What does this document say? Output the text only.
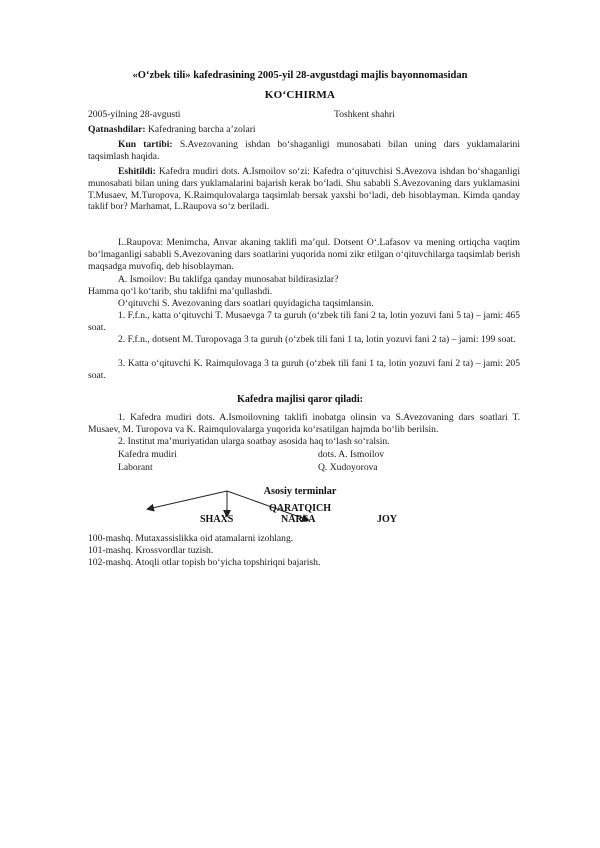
«O‘zbek tili» kafedrasining 2005-yil 28-avgustdagi majlis bayonnomasidan
KO‘CHIRMA
2005-yilning 28-avgusti	Toshkent shahri
Qatnashdilar: Kafedraning barcha a’zolari
Kun tartibi: S.Avezovaning ishdan bo‘shaganligi munosabati bilan uning dars yuklamalarini taqsimlash haqida.
Eshitildi: Kafedra mudiri dots. A.Ismoilov so‘zi: Kafedra o‘qituvchisi S.Avezova ishdan bo‘shaganligi munosabati bilan uning dars yuklamalarini bajarish kerak bo‘ladi. Shu sababli S.Avezovaning dars yuklamasini T.Musaev, M.Turopova, K.Raimqulovalarga taqsimlab bersak yaxshi bo‘ladi, deb hisoblayman. Kimda qanday taklif bor? Marhamat, L.Raupova so‘z beriladi.
L.Raupova: Menimcha, Anvar akaning taklifi ma’qul. Dotsent O‘.Lafasov va mening ortiqcha vaqtim bo‘lmaganligi sababli S.Avezovaning dars soatlarini yuqorida nomi zikr etilgan o‘qituvchilarga taqsimlab berish maqsadga muvofiq, deb hisoblayman.
A. Ismoilov: Bu taklifga qanday munosabat bildirasizlar?
Hamma qo‘l ko‘tarib, shu taklifni ma’qullashdi.
O‘qituvchi S. Avezovaning dars soatlari quyidagicha taqsimlansin.
1. F.f.n., katta o‘qituvchi T. Musaevga 7 ta guruh (o‘zbek tili fani 2 ta, lotin yozuvi fani 5 ta) – jami: 465 soat.
2. F.f.n., dotsent M. Turopovaga 3 ta guruh (o‘zbek tili fani 1 ta, lotin yozuvi fani 2 ta) – jami: 199 soat.
3. Katta o‘qituvchi K. Raimqulovaga 3 ta guruh (o‘zbek tili fani 1 ta, lotin yozuvi fani 2 ta) – jami: 205 soat.
Kafedra majlisi qaror qiladi:
1. Kafedra mudiri dots. A.Ismoilovning taklifi inobatga olinsin va S.Avezovaning dars soatlari T. Musaev, M. Turopova va K. Raimqulovalarga yuqorida ko‘rsatilgan hajmda bo‘lib berilsin.
2. Institut ma’muriyatidan ularga soatbay asosida haq to‘lash so‘ralsin.
Kafedra mudiri	dots. A. Ismoilov
Laborant	Q. Xudoyorova
Asosiy terminlar
QARATQICH
SHAXS	NARSA	JOY
100-mashq. Mutaxassislikka oid atamalarni izohlang.
101-mashq. Krossvordlar tuzish.
102-mashq. Atoqli otlar topish bo‘yicha topshiriqni bajarish.
